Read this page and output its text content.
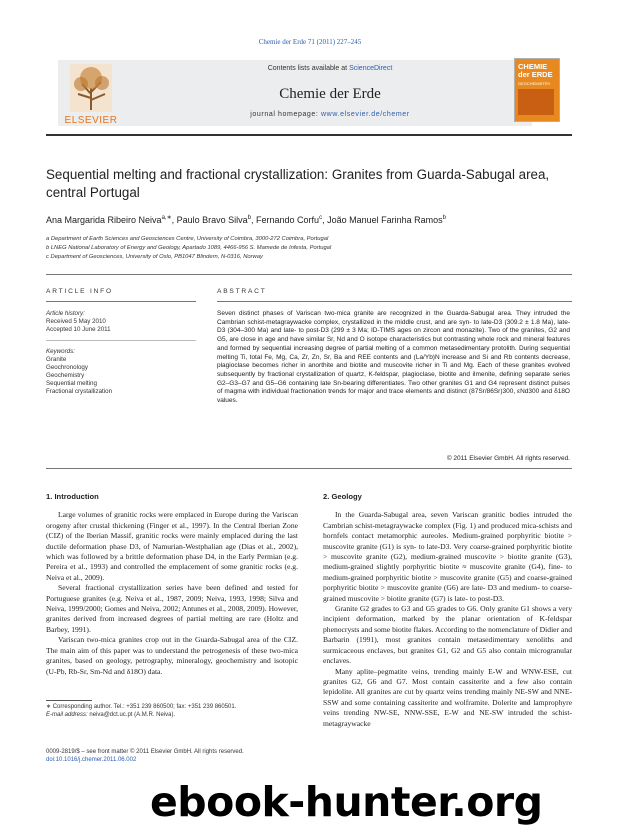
Chemie der Erde 71 (2011) 227–245
ELSEVIER
Contents lists available at ScienceDirect
Chemie der Erde
journal homepage: www.elsevier.de/chemer
CHEMIE der ERDE
GEOCHEMISTRY
Sequential melting and fractional crystallization: Granites from Guarda-Sabugal area, central Portugal
Ana Margarida Ribeiro Neiva$^{a,∗}$, Paulo Bravo Silva$^b$, Fernando Corfu$^c$, João Manuel Farinha Ramos$^b$
a Department of Earth Sciences and Geosciences Centre, University of Coimbra, 3000-272 Coimbra, Portugal
b LNEG National Laboratory of Energy and Geology, Apartado 1089, 4466-956 S. Mamede de Infesta, Portugal
c Department of Geosciences, University of Oslo, PB1047 Blindern, N-0316, Norway
ARTICLE INFO	ABSTRACT
Article history:
Received 5 May 2010
Accepted 10 June 2011
Keywords:
Granite
Geochronology
Geochemistry
Sequential melting
Fractional crystallization
Seven distinct phases of Variscan two-mica granite are recognized in the Guarda-Sabugal area. They intruded the Cambrian schist-metagraywacke complex, crystallized in the middle crust, and are syn- to late-D3 (309.2 ± 1.8 Ma), late-D3 (304–300 Ma) and late- to post-D3 (299 ± 3 Ma; ID-TIMS ages on zircon and monazite). Two of the granites, G2 and G5, are close in age and have similar Sr, Nd and O isotope characteristics but contrasting whole rock and mineral features and formed by sequential increasing degree of partial melting of a common metasedimentary protolith. During sequential melting Ti, total Fe, Mg, Ca, Zr, Zn, Sr, Ba and REE contents and (La/Yb)N increase and Si and Rb contents decrease, plagioclase becomes richer in anorthite and biotite and muscovite richer in Ti and Mg. Each of these granites evolved subsequently by fractional crystallization of quartz, K-feldspar, plagioclase, biotite and ilmenite, defining separate series G2–G3–G7 and G5–G6 containing late Sn-bearing differentiates. Two other granites G1 and G4 represent distinct pulses of magma with individual fractionation trends for major and trace elements and distinct (87Sr/86Sr)300, εNd300 and δ18O values.
© 2011 Elsevier GmbH. All rights reserved.
1. Introduction

Large volumes of granitic rocks were emplaced in Europe during the Variscan orogeny after crustal thickening (Finger et al., 1997). In the Central Iberian Zone (CIZ) of the Iberian Massif, granitic rocks were mainly emplaced during the last ductile deformation phase D3, of Namurian-Westphalian age (Dias et al., 2002), which was followed by a brittle deformation phase D4, in the Early Permian (e.g. Pereira et al., 1993) and controlled the emplacement of some granitic rocks (e.g. Neiva et al., 2009).

Several fractional crystallization series have been defined and tested for Portuguese granites (e.g. Neiva et al., 1987, 2009; Neiva, 1993, 1998; Silva and Neiva, 1999/2000; Gomes and Neiva, 2002; Antunes et al., 2008, 2009). However, granites derived from increased degrees of partial melting are rare (Holtz and Barbey, 1991).

Variscan two-mica granites crop out in the Guarda-Sabugal area of the CIZ. The main aim of this paper was to understand the petrogenesis of these two-mica granites, based on geology, petrography, mineralogy, geochemistry and isotopic (U-Pb, Rb-Sr, Sm-Nd and δ18O) data.

2. Geology

In the Guarda-Sabugal area, seven Variscan granitic bodies intruded the Cambrian schist-metagraywacke complex (Fig. 1) and produced mica-schists and hornfels contact metamorphic aureoles. Medium-grained porphyritic biotite > muscovite granite (G1) is syn- to late-D3. Very coarse-grained porphyritic biotite > muscovite granite (G2), medium-grained muscovite > biotite granite (G3), medium-grained slightly porphyritic biotite ≈ muscovite granite (G4), fine- to medium-grained porphyritic biotite > muscovite granite (G5) and coarse-grained porphyritic biotite > muscovite granite (G6) are late- D3 and medium- to coarse-grained muscovite > biotite granite (G7) is late- to post-D3.

Granite G2 grades to G3 and G5 grades to G6. Only granite G1 shows a very incipient deformation, marked by the planar orientation of K-feldspar phenocrysts and some biotite flakes. According to the nomenclature of Didier and Barbarin (1991), most granites contain metasedimentary xenoliths and surmicaceous enclaves, but granites G1, G2 and G5 also contain microgranular enclaves.

Many aplite–pegmatite veins, trending mainly E-W and WNW-ESE, cut granites G2, G6 and G7. Most contain cassiterite and a few also contain lepidolite. All granites are cut by quartz veins trending mainly NE-SW and NNE-SSW and some containing cassiterite and wolframite. Dolerite and lamprophyre veins trending NW-SE, NNW-SSE, E-W and NE-SW intruded the schist-metagraywacke

∗ Corresponding author. Tel.: +351 239 860500; fax: +351 239 860501.
E-mail address: neiva@dct.uc.pt (A.M.R. Neiva).
0009-2819/$ – see front matter © 2011 Elsevier GmbH. All rights reserved.
doi:10.1016/j.chemer.2011.06.002
ebook-hunter.org
